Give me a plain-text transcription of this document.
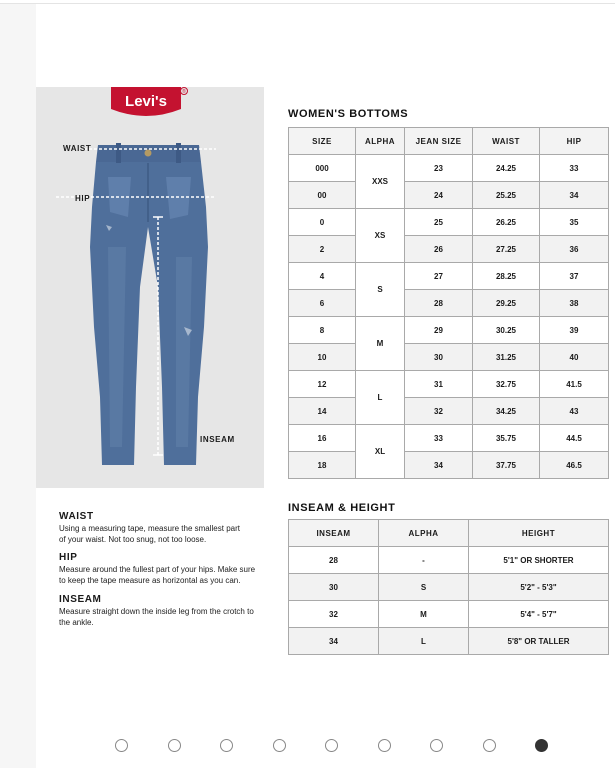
Levi's
®
WAIST
HIP
INSEAM
WAIST

Using a measuring tape, measure the smallest part
of your waist. Not too snug, not too loose.

HIP

Measure around the fullest part of your hips. Make sure
to keep the tape measure as horizontal as you can.

INSEAM

Measure straight down the inside leg from the crotch to
the ankle.

WOMEN'S BOTTOMS
SIZE	ALPHA	JEAN SIZE	WAIST	HIP
000	XXS	23	24.25	33
00		24	25.25	34
0	XS	25	26.25	35
2		26	27.25	36
4	S	27	28.25	37
6		28	29.25	38
8	M	29	30.25	39
10		30	31.25	40
12	L	31	32.75	41.5
14		32	34.25	43
16	XL	33	35.75	44.5
18		34	37.75	46.5
INSEAM & HEIGHT
INSEAM	ALPHA	HEIGHT
28	-	5'1" OR SHORTER
30	S	5'2" - 5'3"
32	M	5'4" - 5'7"
34	L	5'8" OR TALLER
